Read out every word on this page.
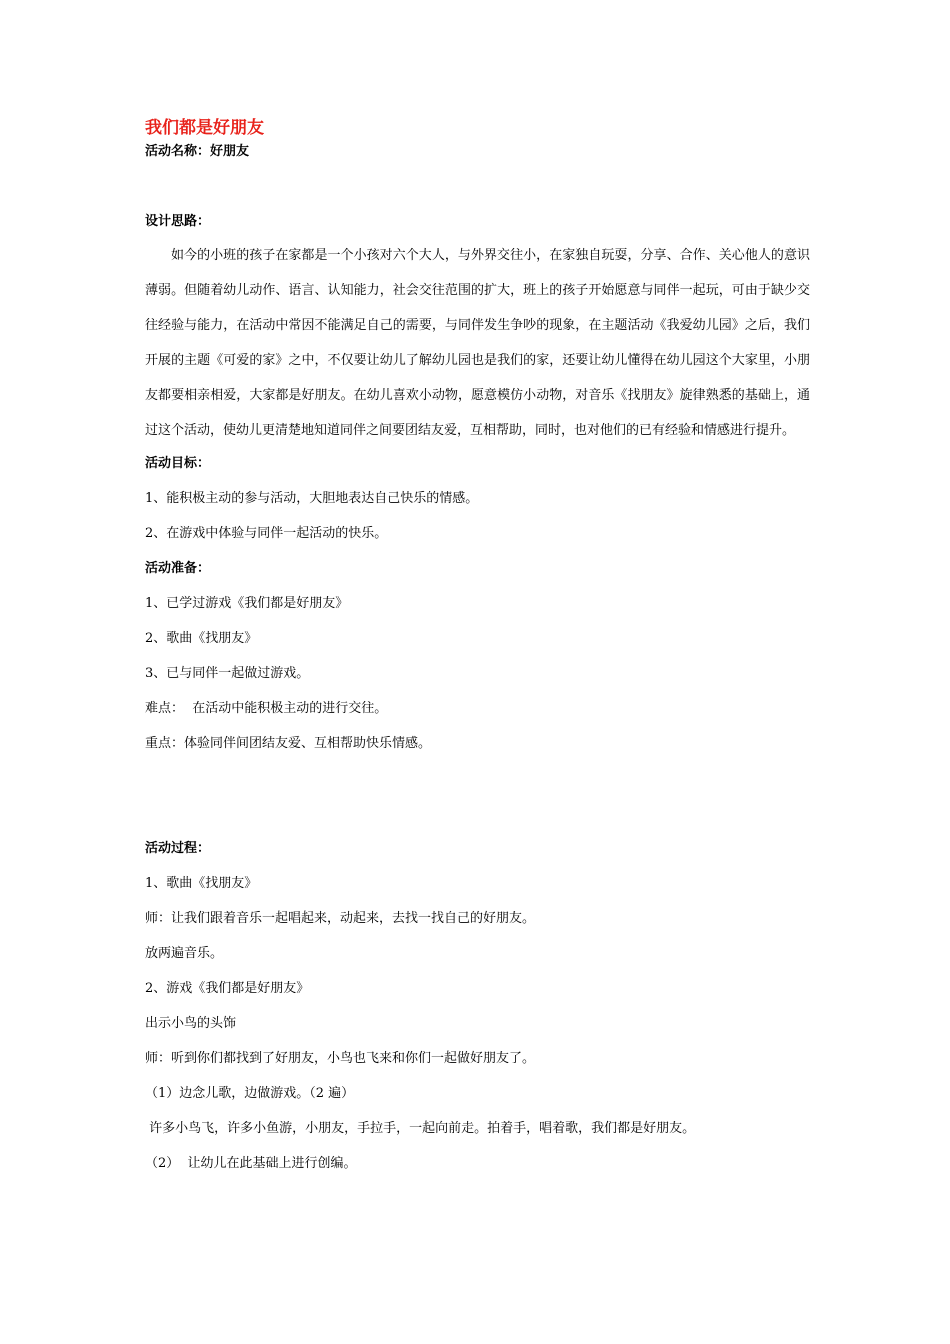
我们都是好朋友

活动名称：好朋友

设计思路：

如今的小班的孩子在家都是一个小孩对六个大人，与外界交往小，在家独自玩耍，分享、合作、关心他人的意识薄弱。但随着幼儿动作、语言、认知能力，社会交往范围的扩大，班上的孩子开始愿意与同伴一起玩，可由于缺少交往经验与能力，在活动中常因不能满足自己的需要，与同伴发生争吵的现象，在主题活动《我爱幼儿园》之后，我们开展的主题《可爱的家》之中，不仅要让幼儿了解幼儿园也是我们的家，还要让幼儿懂得在幼儿园这个大家里，小朋友都要相亲相爱，大家都是好朋友。在幼儿喜欢小动物，愿意模仿小动物，对音乐《找朋友》旋律熟悉的基础上，通过这个活动，使幼儿更清楚地知道同伴之间要团结友爱，互相帮助，同时，也对他们的已有经验和情感进行提升。

活动目标：

1、能积极主动的参与活动，大胆地表达自己快乐的情感。

2、在游戏中体验与同伴一起活动的快乐。

活动准备：

1、已学过游戏《我们都是好朋友》

2、歌曲《找朋友》

3、已与同伴一起做过游戏。

难点：  在活动中能积极主动的进行交往。

重点：体验同伴间团结友爱、互相帮助快乐情感。

活动过程：

1、歌曲《找朋友》

师：让我们跟着音乐一起唱起来，动起来，去找一找自己的好朋友。

放两遍音乐。

2、游戏《我们都是好朋友》

出示小鸟的头饰

师：听到你们都找到了好朋友，小鸟也飞来和你们一起做好朋友了。

（1）边念儿歌，边做游戏。（2 遍）

许多小鸟飞，许多小鱼游，小朋友，手拉手，一起向前走。拍着手，唱着歌，我们都是好朋友。

（2）  让幼儿在此基础上进行创编。
